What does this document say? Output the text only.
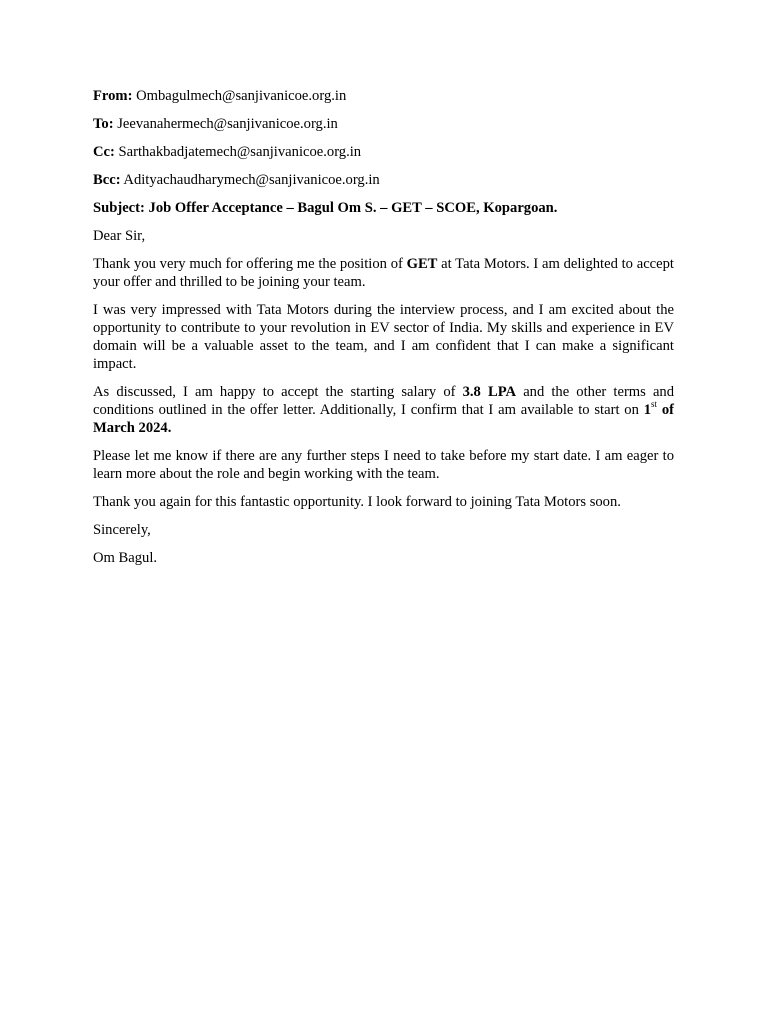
From: Ombagulmech@sanjivanicoe.org.in
To: Jeevanahermech@sanjivanicoe.org.in
Cc: Sarthakbadjatemech@sanjivanicoe.org.in
Bcc: Adityachaudharymech@sanjivanicoe.org.in
Subject: Job Offer Acceptance – Bagul Om S. – GET – SCOE, Kopargoan.
Dear Sir,
Thank you very much for offering me the position of GET at Tata Motors. I am delighted to accept your offer and thrilled to be joining your team.
I was very impressed with Tata Motors during the interview process, and I am excited about the opportunity to contribute to your revolution in EV sector of India. My skills and experience in EV domain will be a valuable asset to the team, and I am confident that I can make a significant impact.
As discussed, I am happy to accept the starting salary of 3.8 LPA and the other terms and conditions outlined in the offer letter. Additionally, I confirm that I am available to start on 1st of March 2024.
Please let me know if there are any further steps I need to take before my start date. I am eager to learn more about the role and begin working with the team.
Thank you again for this fantastic opportunity. I look forward to joining Tata Motors soon.
Sincerely,
Om Bagul.
